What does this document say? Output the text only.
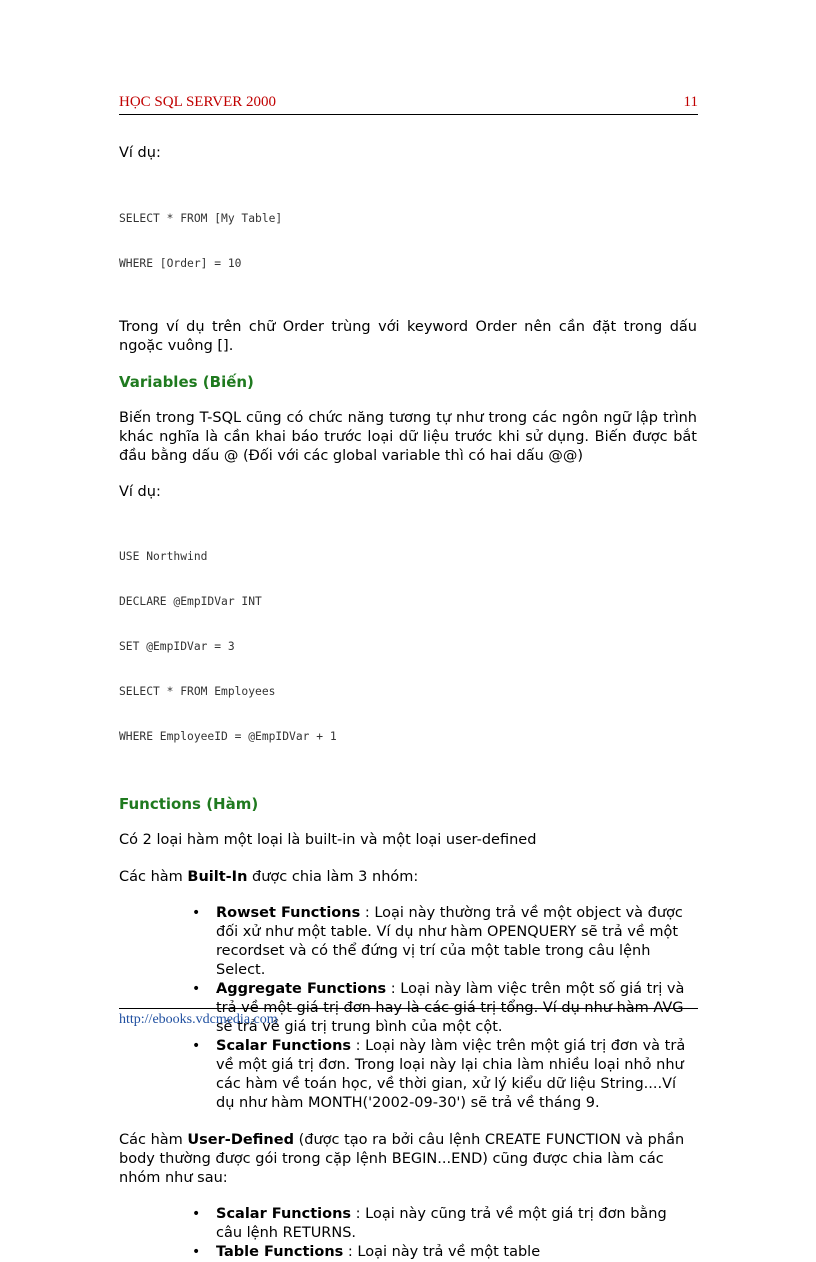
HỌC SQL SERVER 2000	11

Ví dụ:

SELECT * FROM [My Table]

WHERE [Order] = 10

Trong ví dụ trên chữ Order trùng với keyword Order nên cần đặt trong dấu ngoặc vuông [].

Variables (Biến)

Biến trong T-SQL cũng có chức năng tương tự như trong các ngôn ngữ lập trình khác nghĩa là cần khai báo trước loại dữ liệu trước khi sử dụng. Biến được bắt đầu bằng dấu @ (Đối với các global variable thì có hai dấu @@)

Ví dụ:

USE Northwind

DECLARE @EmpIDVar INT

SET @EmpIDVar = 3

SELECT * FROM Employees

WHERE EmployeeID = @EmpIDVar + 1

Functions (Hàm)

Có 2 loại hàm một loại là built-in và một loại user-defined

Các hàm Built-In được chia làm 3 nhóm:

• Rowset Functions : Loại này thường trả về một object và được đối xử như một table. Ví dụ như hàm OPENQUERY sẽ trả về một recordset và có thể đứng vị trí của một table trong câu lệnh Select.
• Aggregate Functions : Loại này làm việc trên một số giá trị và trả về một giá trị đơn hay là các giá trị tổng. Ví dụ như hàm AVG sẽ trả về giá trị trung bình của một cột.
• Scalar Functions : Loại này làm việc trên một giá trị đơn và trả về một giá trị đơn. Trong loại này lại chia làm nhiều loại nhỏ như các hàm về toán học, về thời gian, xử lý kiểu dữ liệu String....Ví dụ như hàm MONTH('2002-09-30') sẽ trả về tháng 9.

Các hàm User-Defined (được tạo ra bởi câu lệnh CREATE FUNCTION và phần body thường được gói trong cặp lệnh BEGIN...END) cũng được chia làm các nhóm như sau:

• Scalar Functions : Loại này cũng trả về một giá trị đơn bằng câu lệnh RETURNS.
• Table Functions : Loại này trả về một table
http://ebooks.vdcmedia.com
